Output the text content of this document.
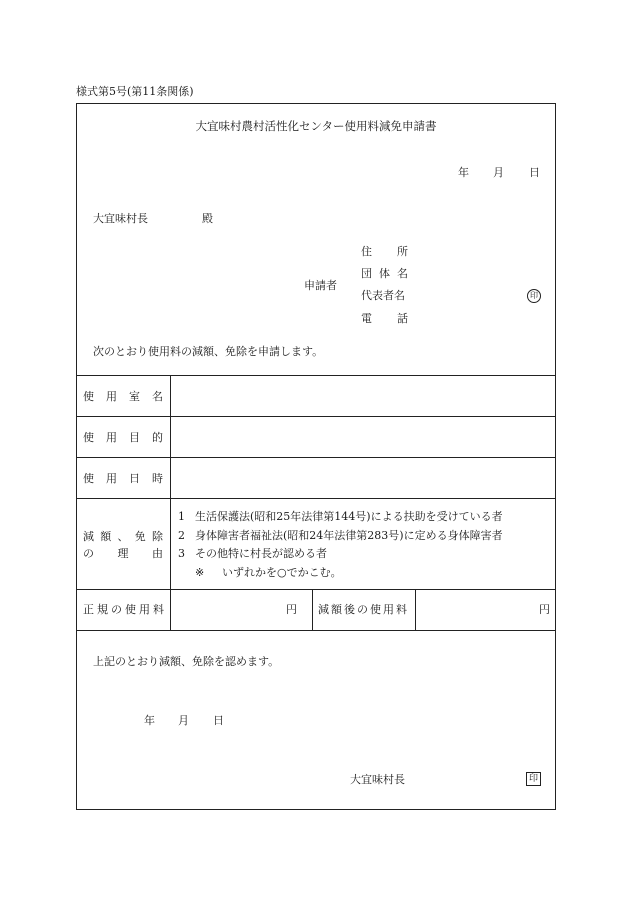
様式第5号(第11条関係)
大宜味村農村活性化センター使用料減免申請書
年 月 日
大宜味村長	殿
申請者
住 所
団 体 名
代表者名	印
電 話
次のとおり使用料の減額、免除を申請します。
使 用 室 名
使 用 目 的
使 用 日 時
減 額 、 免 除
の 理 由
1 生活保護法(昭和25年法律第144号)による扶助を受けている者
2 身体障害者福祉法(昭和24年法律第283号)に定める身体障害者
3 その他特に村長が認める者
※ いずれかを○でかこむ。
正規の使用料	円 減額後の使用料	円
上記のとおり減額、免除を認めます。
年 月 日
大宜味村長	印
